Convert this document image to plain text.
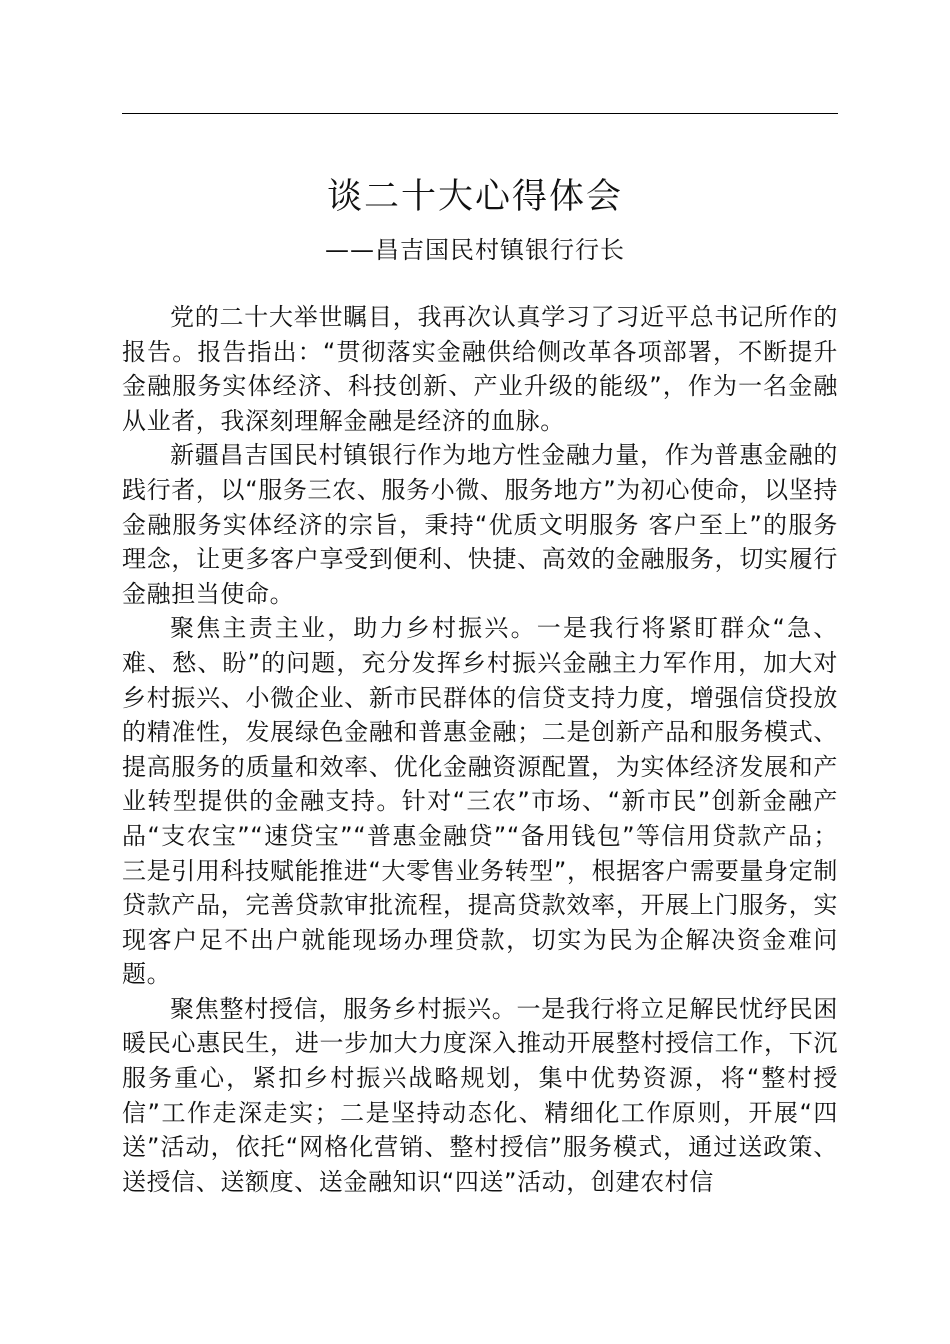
谈二十大心得体会
——昌吉国民村镇银行行长

党的二十大举世瞩目，我再次认真学习了习近平总书记所作的报告。报告指出：“贯彻落实金融供给侧改革各项部署，不断提升金融服务实体经济、科技创新、产业升级的能级”，作为一名金融从业者，我深刻理解金融是经济的血脉。

新疆昌吉国民村镇银行作为地方性金融力量，作为普惠金融的践行者，以“服务三农、服务小微、服务地方”为初心使命，以坚持金融服务实体经济的宗旨，秉持“优质文明服务 客户至上”的服务理念，让更多客户享受到便利、快捷、高效的金融服务，切实履行金融担当使命。

聚焦主责主业，助力乡村振兴。一是我行将紧盯群众“急、难、愁、盼”的问题，充分发挥乡村振兴金融主力军作用，加大对乡村振兴、小微企业、新市民群体的信贷支持力度，增强信贷投放的精准性，发展绿色金融和普惠金融；二是创新产品和服务模式、提高服务的质量和效率、优化金融资源配置，为实体经济发展和产业转型提供的金融支持。针对“三农”市场、“新市民”创新金融产品“支农宝”“速贷宝”“普惠金融贷”“备用钱包”等信用贷款产品；三是引用科技赋能推进“大零售业务转型”，根据客户需要量身定制贷款产品，完善贷款审批流程，提高贷款效率，开展上门服务，实现客户足不出户就能现场办理贷款，切实为民为企解决资金难问题。

聚焦整村授信，服务乡村振兴。一是我行将立足解民忧纾民困暖民心惠民生，进一步加大力度深入推动开展整村授信工作，下沉服务重心，紧扣乡村振兴战略规划，集中优势资源，将“整村授信”工作走深走实；二是坚持动态化、精细化工作原则，开展“四送”活动，依托“网格化营销、整村授信”服务模式，通过送政策、送授信、送额度、送金融知识“四送”活动，创建农村信
